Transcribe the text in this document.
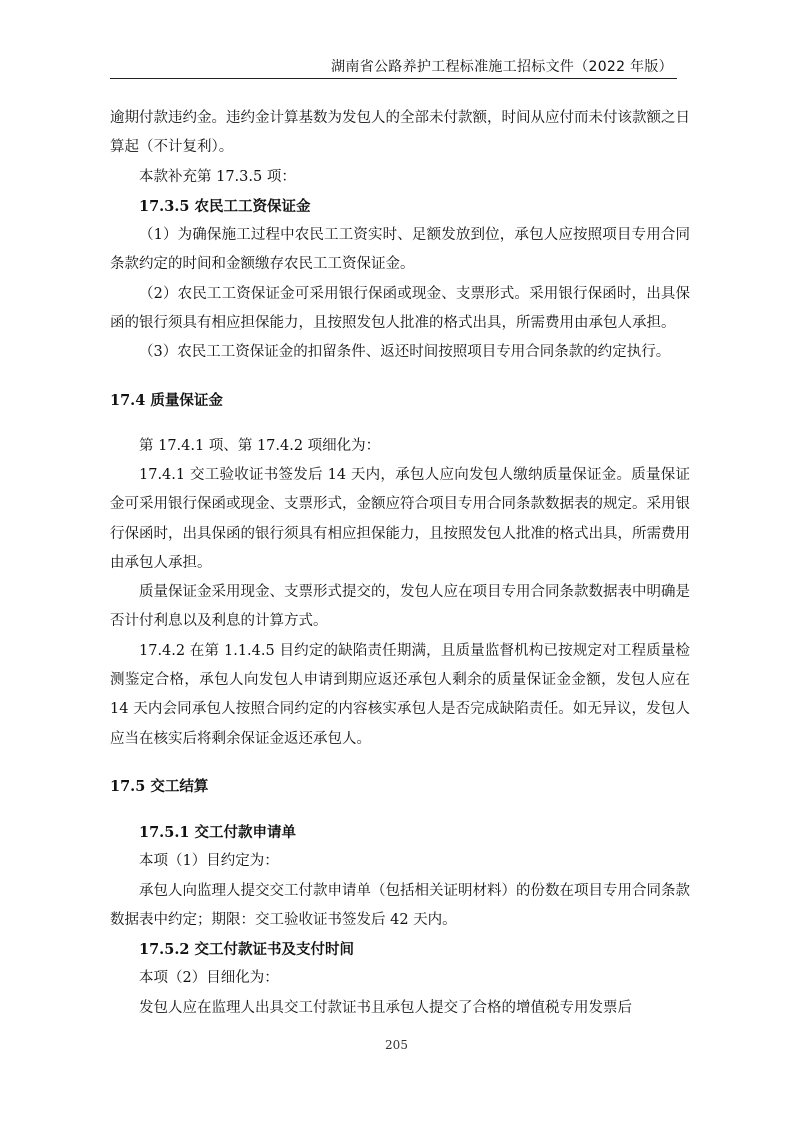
湖南省公路养护工程标准施工招标文件（2022 年版）

逾期付款违约金。违约金计算基数为发包人的全部未付款额，时间从应付而未付该款额之日算起（不计复利）。

本款补充第 17.3.5 项：

17.3.5 农民工工资保证金

（1）为确保施工过程中农民工工资实时、足额发放到位，承包人应按照项目专用合同条款约定的时间和金额缴存农民工工资保证金。

（2）农民工工资保证金可采用银行保函或现金、支票形式。采用银行保函时，出具保函的银行须具有相应担保能力，且按照发包人批准的格式出具，所需费用由承包人承担。

（3）农民工工资保证金的扣留条件、返还时间按照项目专用合同条款的约定执行。

17.4 质量保证金

第 17.4.1 项、第 17.4.2 项细化为：

17.4.1 交工验收证书签发后 14 天内，承包人应向发包人缴纳质量保证金。质量保证金可采用银行保函或现金、支票形式，金额应符合项目专用合同条款数据表的规定。采用银行保函时，出具保函的银行须具有相应担保能力，且按照发包人批准的格式出具，所需费用由承包人承担。

质量保证金采用现金、支票形式提交的，发包人应在项目专用合同条款数据表中明确是否计付利息以及利息的计算方式。

17.4.2 在第 1.1.4.5 目约定的缺陷责任期满，且质量监督机构已按规定对工程质量检测鉴定合格，承包人向发包人申请到期应返还承包人剩余的质量保证金金额，发包人应在 14 天内会同承包人按照合同约定的内容核实承包人是否完成缺陷责任。如无异议，发包人应当在核实后将剩余保证金返还承包人。

17.5 交工结算

17.5.1 交工付款申请单

本项（1）目约定为：

承包人向监理人提交交工付款申请单（包括相关证明材料）的份数在项目专用合同条款数据表中约定；期限：交工验收证书签发后 42 天内。

17.5.2 交工付款证书及支付时间

本项（2）目细化为：

发包人应在监理人出具交工付款证书且承包人提交了合格的增值税专用发票后

205
